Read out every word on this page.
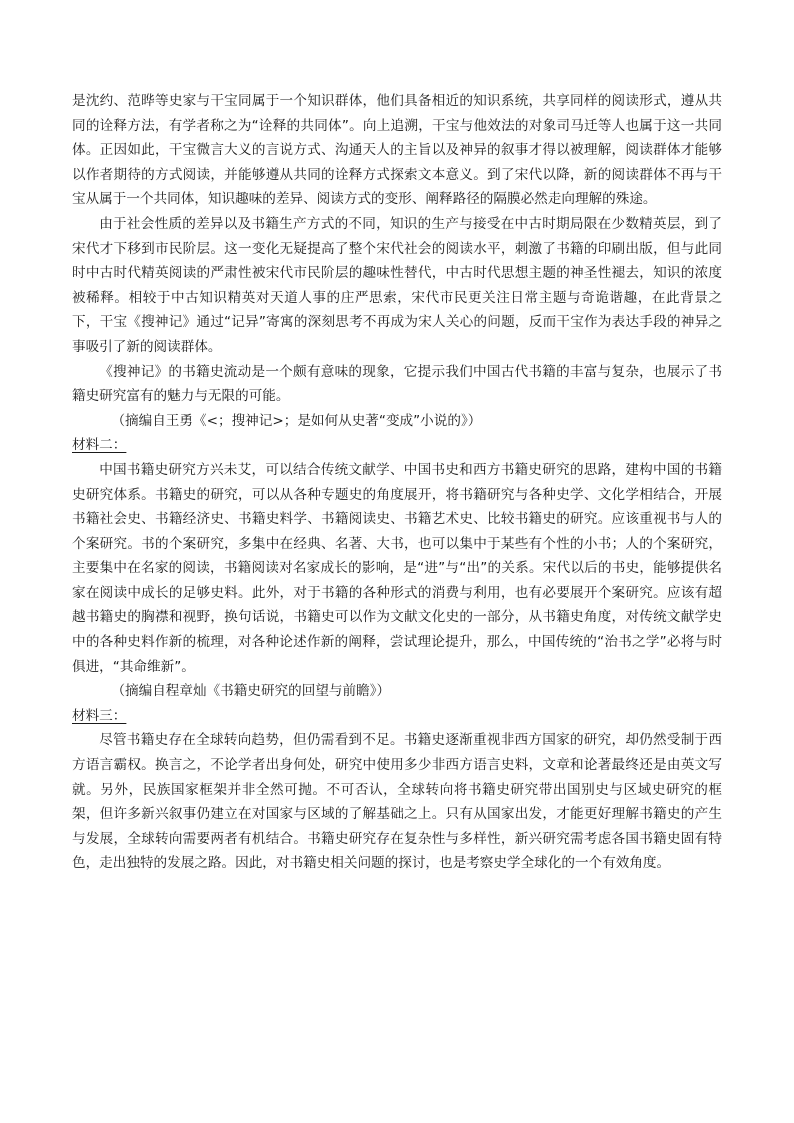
是沈约、范晔等史家与干宝同属于一个知识群体，他们具备相近的知识系统，共享同样的阅读形式，遵从共同的诠释方法，有学者称之为“诠释的共同体”。向上追溯，干宝与他效法的对象司马迁等人也属于这一共同体。正因如此，干宝微言大义的言说方式、沟通天人的主旨以及神异的叙事才得以被理解，阅读群体才能够以作者期待的方式阅读，并能够遵从共同的诠释方式探索文本意义。到了宋代以降，新的阅读群体不再与干宝从属于一个共同体，知识趣味的差异、阅读方式的变形、阐释路径的隔膜必然走向理解的殊途。

由于社会性质的差异以及书籍生产方式的不同，知识的生产与接受在中古时期局限在少数精英层，到了宋代才下移到市民阶层。这一变化无疑提高了整个宋代社会的阅读水平，刺激了书籍的印刷出版，但与此同时中古时代精英阅读的严肃性被宋代市民阶层的趣味性替代，中古时代思想主题的神圣性褪去，知识的浓度被稀释。相较于中古知识精英对天道人事的庄严思索，宋代市民更关注日常主题与奇诡谐趣，在此背景之下，干宝《搜神记》通过“记异”寄寓的深刻思考不再成为宋人关心的问题，反而干宝作为表达手段的神异之事吸引了新的阅读群体。

《搜神记》的书籍史流动是一个颇有意味的现象，它提示我们中国古代书籍的丰富与复杂，也展示了书籍史研究富有的魅力与无限的可能。

（摘编自王勇《<；搜神记>；是如何从史著“变成”小说的》）

材料二：

中国书籍史研究方兴未艾，可以结合传统文献学、中国书史和西方书籍史研究的思路，建构中国的书籍史研究体系。书籍史的研究，可以从各种专题史的角度展开，将书籍研究与各种史学、文化学相结合，开展书籍社会史、书籍经济史、书籍史料学、书籍阅读史、书籍艺术史、比较书籍史的研究。应该重视书与人的个案研究。书的个案研究，多集中在经典、名著、大书，也可以集中于某些有个性的小书；人的个案研究，主要集中在名家的阅读，书籍阅读对名家成长的影响，是“进”与“出”的关系。宋代以后的书史，能够提供名家在阅读中成长的足够史料。此外，对于书籍的各种形式的消费与利用，也有必要展开个案研究。应该有超越书籍史的胸襟和视野，换句话说，书籍史可以作为文献文化史的一部分，从书籍史角度，对传统文献学史中的各种史料作新的梳理，对各种论述作新的阐释，尝试理论提升，那么，中国传统的“治书之学”必将与时俱进，“其命维新”。

（摘编自程章灿《书籍史研究的回望与前瞻》）

材料三：

尽管书籍史存在全球转向趋势，但仍需看到不足。书籍史逐渐重视非西方国家的研究，却仍然受制于西方语言霸权。换言之，不论学者出身何处，研究中使用多少非西方语言史料，文章和论著最终还是由英文写就。另外，民族国家框架并非全然可抛。不可否认，全球转向将书籍史研究带出国别史与区域史研究的框架，但许多新兴叙事仍建立在对国家与区域的了解基础之上。只有从国家出发，才能更好理解书籍史的产生与发展，全球转向需要两者有机结合。书籍史研究存在复杂性与多样性，新兴研究需考虑各国书籍史固有特色，走出独特的发展之路。因此，对书籍史相关问题的探讨，也是考察史学全球化的一个有效角度。
